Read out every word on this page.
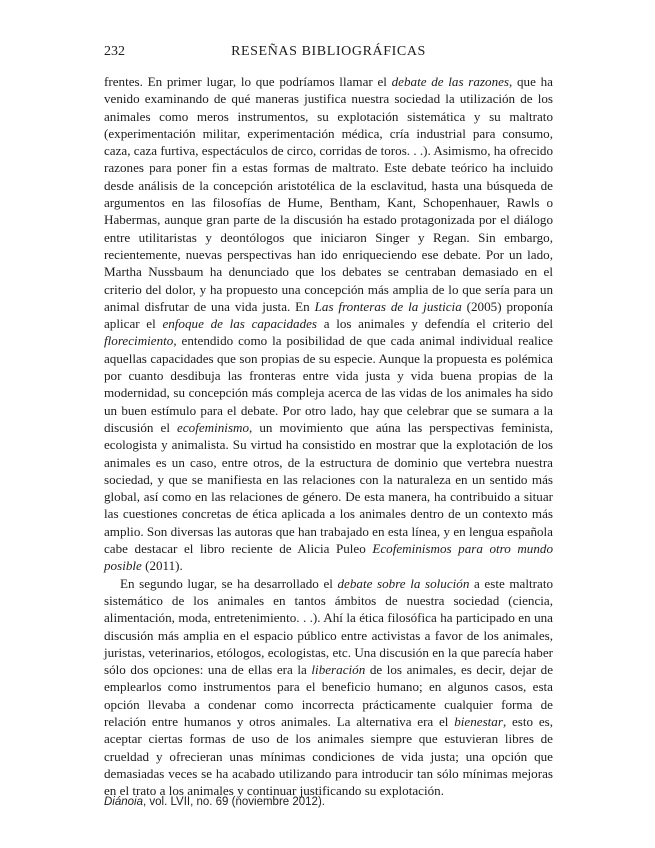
232	RESEÑAS BIBLIOGRÁFICAS

frentes. En primer lugar, lo que podríamos llamar el debate de las razones, que ha venido examinando de qué maneras justifica nuestra sociedad la utilización de los animales como meros instrumentos, su explotación sistemática y su maltrato (experimentación militar, experimentación médica, cría industrial para consumo, caza, caza furtiva, espectáculos de circo, corridas de toros. . .). Asimismo, ha ofrecido razones para poner fin a estas formas de maltrato. Este debate teórico ha incluido desde análisis de la concepción aristotélica de la esclavitud, hasta una búsqueda de argumentos en las filosofías de Hume, Bentham, Kant, Schopenhauer, Rawls o Habermas, aunque gran parte de la discusión ha estado protagonizada por el diálogo entre utilitaristas y deontólogos que iniciaron Singer y Regan. Sin embargo, recientemente, nuevas perspectivas han ido enriqueciendo ese debate. Por un lado, Martha Nussbaum ha denunciado que los debates se centraban demasiado en el criterio del dolor, y ha propuesto una concepción más amplia de lo que sería para un animal disfrutar de una vida justa. En Las fronteras de la justicia (2005) proponía aplicar el enfoque de las capacidades a los animales y defendía el criterio del florecimiento, entendido como la posibilidad de que cada animal individual realice aquellas capacidades que son propias de su especie. Aunque la propuesta es polémica por cuanto desdibuja las fronteras entre vida justa y vida buena propias de la modernidad, su concepción más compleja acerca de las vidas de los animales ha sido un buen estímulo para el debate. Por otro lado, hay que celebrar que se sumara a la discusión el ecofeminismo, un movimiento que aúna las perspectivas feminista, ecologista y animalista. Su virtud ha consistido en mostrar que la explotación de los animales es un caso, entre otros, de la estructura de dominio que vertebra nuestra sociedad, y que se manifiesta en las relaciones con la naturaleza en un sentido más global, así como en las relaciones de género. De esta manera, ha contribuido a situar las cuestiones concretas de ética aplicada a los animales dentro de un contexto más amplio. Son diversas las autoras que han trabajado en esta línea, y en lengua española cabe destacar el libro reciente de Alicia Puleo Ecofeminismos para otro mundo posible (2011).

En segundo lugar, se ha desarrollado el debate sobre la solución a este maltrato sistemático de los animales en tantos ámbitos de nuestra sociedad (ciencia, alimentación, moda, entretenimiento. . .). Ahí la ética filosófica ha participado en una discusión más amplia en el espacio público entre activistas a favor de los animales, juristas, veterinarios, etólogos, ecologistas, etc. Una discusión en la que parecía haber sólo dos opciones: una de ellas era la liberación de los animales, es decir, dejar de emplearlos como instrumentos para el beneficio humano; en algunos casos, esta opción llevaba a condenar como incorrecta prácticamente cualquier forma de relación entre humanos y otros animales. La alternativa era el bienestar, esto es, aceptar ciertas formas de uso de los animales siempre que estuvieran libres de crueldad y ofrecieran unas mínimas condiciones de vida justa; una opción que demasiadas veces se ha acabado utilizando para introducir tan sólo mínimas mejoras en el trato a los animales y continuar justificando su explotación.

Diánoia, vol. LVII, no. 69 (noviembre 2012).
